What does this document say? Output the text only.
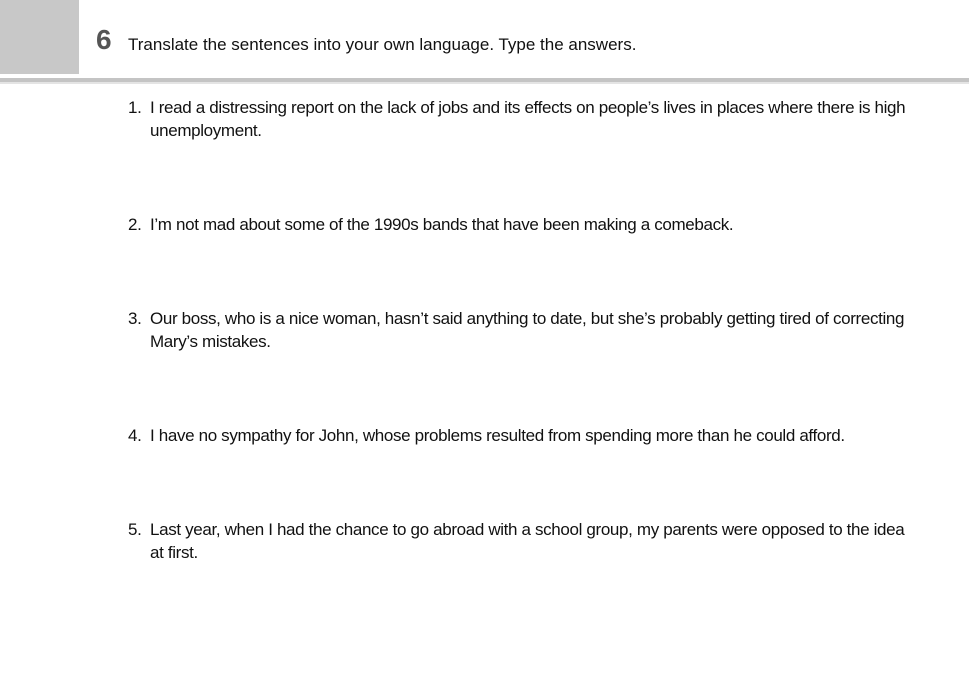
6 Translate the sentences into your own language. Type the answers.
1. I read a distressing report on the lack of jobs and its effects on people’s lives in places where there is high unemployment.
2. I’m not mad about some of the 1990s bands that have been making a comeback.
3. Our boss, who is a nice woman, hasn’t said anything to date, but she’s probably getting tired of correcting Mary’s mistakes.
4. I have no sympathy for John, whose problems resulted from spending more than he could afford.
5. Last year, when I had the chance to go abroad with a school group, my parents were opposed to the idea at first.
